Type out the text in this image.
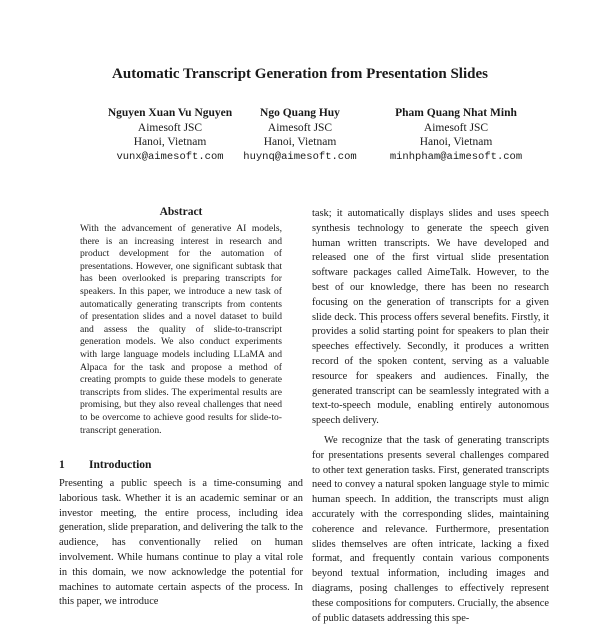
Automatic Transcript Generation from Presentation Slides
Nguyen Xuan Vu Nguyen
Aimesoft JSC
Hanoi, Vietnam
vunx@aimesoft.com
Ngo Quang Huy
Aimesoft JSC
Hanoi, Vietnam
huynq@aimesoft.com
Pham Quang Nhat Minh
Aimesoft JSC
Hanoi, Vietnam
minhpham@aimesoft.com
Abstract
With the advancement of generative AI models, there is an increasing interest in research and product development for the automation of presentations. However, one significant subtask that has been overlooked is preparing transcripts for speakers. In this paper, we introduce a new task of automatically generating transcripts from contents of presentation slides and a novel dataset to build and assess the quality of slide-to-transcript generation models. We also conduct experiments with large language models including LLaMA and Alpaca for the task and propose a method of creating prompts to guide these models to generate transcripts from slides. The experimental results are promising, but they also reveal challenges that need to be overcome to achieve good results for slide-to-transcript generation.
1 Introduction
Presenting a public speech is a time-consuming and laborious task. Whether it is an academic seminar or an investor meeting, the entire process, including idea generation, slide preparation, and delivering the talk to the audience, has conventionally relied on human involvement. While humans continue to play a vital role in this domain, we now acknowledge the potential for machines to automate certain aspects of the process. In this paper, we introduce

task; it automatically displays slides and uses speech synthesis technology to generate the speech given human written transcripts. We have developed and released one of the first virtual slide presentation software packages called AimeTalk. However, to the best of our knowledge, there has been no research focusing on the generation of transcripts for a given slide deck. This process offers several benefits. Firstly, it provides a solid starting point for speakers to plan their speeches effectively. Secondly, it produces a written record of the spoken content, serving as a valuable resource for speakers and audiences. Finally, the generated transcript can be seamlessly integrated with a text-to-speech module, enabling entirely autonomous speech delivery.

We recognize that the task of generating transcripts for presentations presents several challenges compared to other text generation tasks. First, generated transcripts need to convey a natural spoken language style to mimic human speech. In addition, the transcripts must align accurately with the corresponding slides, maintaining coherence and relevance. Furthermore, presentation slides themselves are often intricate, lacking a fixed format, and frequently contain various components beyond textual information, including images and diagrams, posing challenges to effectively represent these compositions for computers. Crucially, the absence of public datasets addressing this spe-
